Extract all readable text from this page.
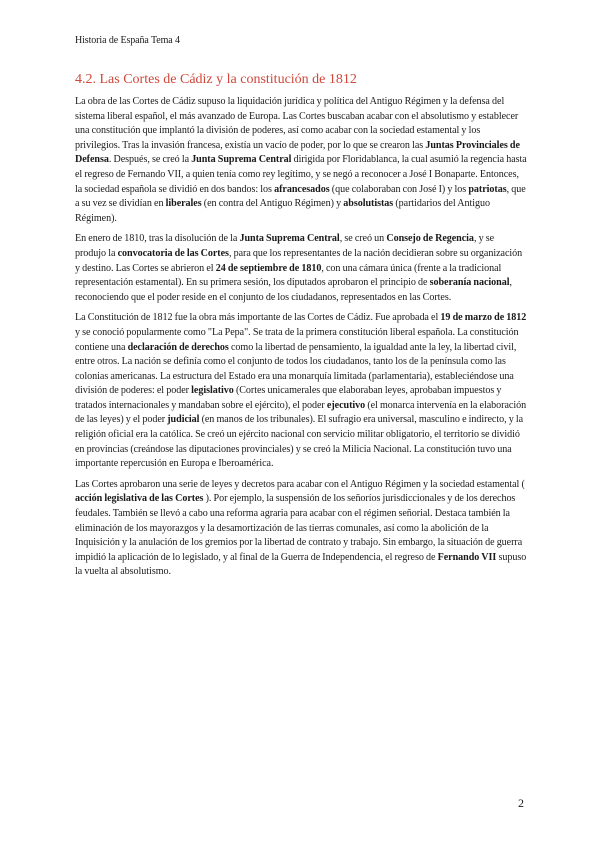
Historia de España Tema 4
4.2. Las Cortes de Cádiz y la constitución de 1812

La obra de las Cortes de Cádiz supuso la liquidación jurídica y política del Antiguo Régimen y la defensa del sistema liberal español, el más avanzado de Europa. Las Cortes buscaban acabar con el absolutismo y establecer una constitución que implantó la división de poderes, así como acabar con la sociedad estamental y los privilegios. Tras la invasión francesa, existía un vacío de poder, por lo que se crearon las Juntas Provinciales de Defensa. Después, se creó la Junta Suprema Central dirigida por Floridablanca, la cual asumió la regencia hasta el regreso de Fernando VII, a quien tenía como rey legítimo, y se negó a reconocer a José I Bonaparte. Entonces, la sociedad española se dividió en dos bandos: los afrancesados (que colaboraban con José I) y los patriotas, que a su vez se dividían en liberales (en contra del Antiguo Régimen) y absolutistas (partidarios del Antiguo Régimen).

En enero de 1810, tras la disolución de la Junta Suprema Central, se creó un Consejo de Regencia, y se produjo la convocatoria de las Cortes, para que los representantes de la nación decidieran sobre su organización y destino. Las Cortes se abrieron el 24 de septiembre de 1810, con una cámara única (frente a la tradicional representación estamental). En su primera sesión, los diputados aprobaron el principio de soberanía nacional, reconociendo que el poder reside en el conjunto de los ciudadanos, representados en las Cortes.

La Constitución de 1812 fue la obra más importante de las Cortes de Cádiz. Fue aprobada el 19 de marzo de 1812 y se conoció popularmente como "La Pepa". Se trata de la primera constitución liberal española. La constitución contiene una declaración de derechos como la libertad de pensamiento, la igualdad ante la ley, la libertad civil, entre otros. La nación se definía como el conjunto de todos los ciudadanos, tanto los de la península como las colonias americanas. La estructura del Estado era una monarquía limitada (parlamentaria), estableciéndose una división de poderes: el poder legislativo (Cortes unicamerales que elaboraban leyes, aprobaban impuestos y tratados internacionales y mandaban sobre el ejército), el poder ejecutivo (el monarca intervenía en la elaboración de las leyes) y el poder judicial (en manos de los tribunales). El sufragio era universal, masculino e indirecto, y la religión oficial era la católica. Se creó un ejército nacional con servicio militar obligatorio, el territorio se dividió en provincias (creándose las diputaciones provinciales) y se creó la Milicia Nacional. La constitución tuvo una importante repercusión en Europa e Iberoamérica.

Las Cortes aprobaron una serie de leyes y decretos para acabar con el Antiguo Régimen y la sociedad estamental ( acción legislativa de las Cortes ). Por ejemplo, la suspensión de los señoríos jurisdiccionales y de los derechos feudales. También se llevó a cabo una reforma agraria para acabar con el régimen señorial. Destaca también la eliminación de los mayorazgos y la desamortización de las tierras comunales, así como la abolición de la Inquisición y la anulación de los gremios por la libertad de contrato y trabajo. Sin embargo, la situación de guerra impidió la aplicación de lo legislado, y al final de la Guerra de Independencia, el regreso de Fernando VII supuso la vuelta al absolutismo.

2
